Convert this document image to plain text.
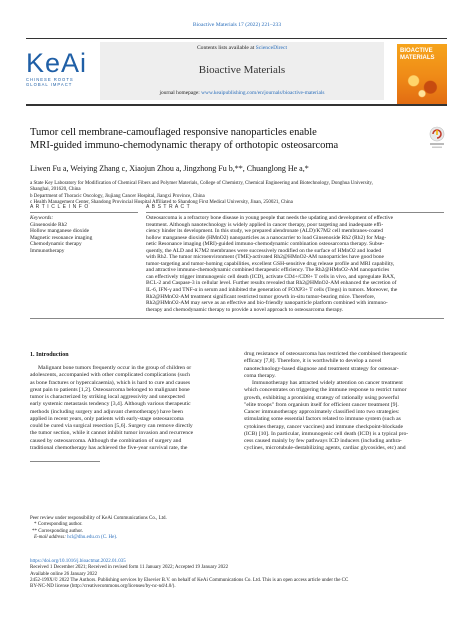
Bioactive Materials 17 (2022) 221–233
Contents lists available at ScienceDirect
Bioactive Materials
journal homepage: www.keaipublishing.com/en/journals/bioactive-materials
KeAi
CHINESE ROOTS
GLOBAL IMPACT
BIOACTIVE
MATERIALS
Tumor cell membrane-camouflaged responsive nanoparticles enable
MRI-guided immuno-chemodynamic therapy of orthotopic osteosarcoma
Liwen Fu a, Weiying Zhang c, Xiaojun Zhou a, Jingzhong Fu b,**, Chuanglong He a,*
a State Key Laboratory for Modification of Chemical Fibers and Polymer Materials, College of Chemistry, Chemical Engineering and Biotechnology, Donghua University,
Shanghai, 201620, China
b Department of Thoracic Oncology, Jiujiang Cancer Hospital, Jiangxi Province, China
c Health Management Center, Shandong Provincial Hospital Affiliated to Shandong First Medical University, Jinan, 250021, China
A R T I C L E I N F O	A B S T R A C T
Keywords:
Ginsenoside Rh2
Hollow manganese dioxide
Magnetic resonance imaging
Chemodynamic therapy
Immunotherapy
Osteosarcoma is a refractory bone disease in young people that needs the updating and development of effective
treatment. Although nanotechnology is widely applied in cancer therapy, poor targeting and inadequate effi-
ciency hinder its development. In this study, we prepared alendronate (ALD)/K7M2 cell membranes-coated
hollow manganese dioxide (HMnO2) nanoparticles as a nanocarrier to load Ginsenoside Rh2 (Rh2) for Mag-
netic Resonance imaging (MRI)-guided immuno-chemodynamic combination osteosarcoma therapy. Subse-
quently, the ALD and K7M2 membranes were successively modified on the surface of HMnO2 and loaded
with Rh2. The tumor microenvironment (TME)-activated Rh2@HMnO2-AM nanoparticles have good bone
tumor-targeting and tumor-homing capabilities, excellent GSH-sensitive drug release profile and MRI capability,
and attractive immuno-chemodynamic combined therapeutic efficiency. The Rh2@HMnO2-AM nanoparticles
can effectively trigger immunogenic cell death (ICD), activate CD4+/CD8+ T cells in vivo, and upregulate BAX,
BCL-2 and Caspase-3 in cellular level. Further results revealed that Rh2@HMnO2-AM enhanced the secretion of
IL-6, IFN-γ and TNF-α in serum and inhibited the generation of FOXP3+ T cells (Tregs) in tumors. Moreover, the
Rh2@HMnO2-AM treatment significant restricted tumor growth in-situ tumor-bearing mice. Therefore,
Rh2@HMnO2-AM may serve as an effective and bio-friendly nanoparticle platform combined with immuno-
therapy and chemodynamic therapy to provide a novel approach to osteosarcoma therapy.
1. Introduction
Malignant bone tumors frequently occur in the group of children or
adolescents, accompanied with other complicated complications (such
as bone fractures or hypercalcaemia), which is hard to cure and causes
great pain to patients [1,2]. Osteosarcoma belonged to malignant bone
tumor is characterized by striking local aggressivity and unexpected
early systemic metastasis tendency [3,4]. Although various therapeutic
methods (including surgery and adjuvant chemotherapy) have been
applied in recent years, only patients with early-stage osteosarcoma
could be cured via surgical resection [5,6]. Surgery can remove directly
the tumor section, while it cannot inhibit tumor invasion and recurrence
caused by osteosarcoma. Although the combination of surgery and
traditional chemotherapy has achieved the five-year survival rate, the
drug resistance of osteosarcoma has restricted the combined therapeutic
efficacy [7,8]. Therefore, it is worthwhile to develop a novel
nanotechnology-based diagnose and treatment strategy for osteosar-
coma therapy.
Immunotherapy has attracted widely attention on cancer treatment
which concentrates on triggering the immune response to restrict tumor
growth, exhibiting a promising strategy of rationally using powerful
"elite troops" from organism itself for efficient cancer treatment [9].
Cancer immunotherapy approximately classified into two strategies:
stimulating some essential factors related to immune system (such as
cytokines therapy, cancer vaccines) and immune checkpoint-blockade
(ICB) [10]. In particular, immunogenic cell death (ICD) is a typical pro-
cess caused mainly by few pathways ICD inducers (including anthra-
cyclines, microtubule-destabilizing agents, cardiac glycosides, etc) and
Peer review under responsibility of KeAi Communications Co., Ltd.
* Corresponding author.
** Corresponding author.
E-mail address: hcl@dhu.edu.cn (C. He).
https://doi.org/10.1016/j.bioactmat.2022.01.035
Received 1 December 2021; Received in revised form 11 January 2022; Accepted 19 January 2022
Available online 26 January 2022
2452-199X/© 2022 The Authors. Publishing services by Elsevier B.V. on behalf of KeAi Communications Co. Ltd. This is an open access article under the CC
BY-NC-ND license (http://creativecommons.org/licenses/by-nc-nd/4.0/).
